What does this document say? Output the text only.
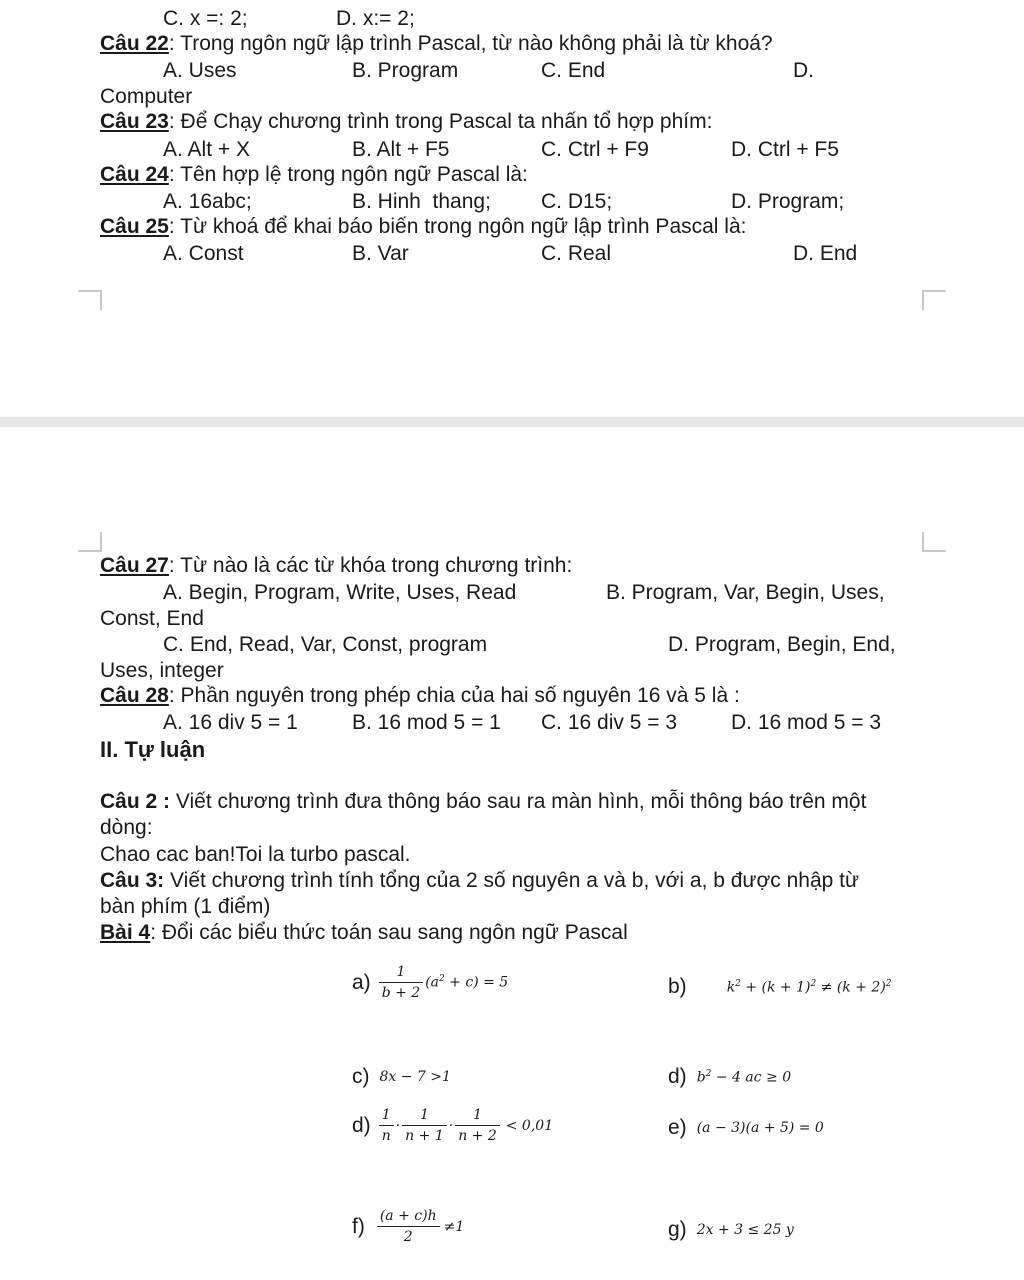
C. x =: 2;	D. x:= 2;
Câu 22: Trong ngôn ngữ lập trình Pascal, từ nào không phải là từ khoá?
A. Uses	B. Program	C. End	D.
Computer
Câu 23: Để Chạy chương trình trong Pascal ta nhấn tổ hợp phím:
A. Alt + X	B. Alt + F5	C. Ctrl + F9	D. Ctrl + F5
Câu 24: Tên hợp lệ trong ngôn ngữ Pascal là:
A. 16abc;	B. Hinh  thang; C. D15;	D. Program;
Câu 25: Từ khoá để khai báo biến trong ngôn ngữ lập trình Pascal là:
A. Const	B. Var	C. Real	D. End
Câu 27: Từ nào là các từ khóa trong chương trình:
A. Begin, Program, Write, Uses, Read	B. Program, Var, Begin, Uses,
Const, End
C. End, Read, Var, Const, program	D. Program, Begin, End,
Uses, integer
Câu 28: Phần nguyên trong phép chia của hai số nguyên 16 và 5 là :
A. 16 div 5 = 1	B. 16 mod 5 = 1 C. 16 div 5 = 3	D. 16 mod 5 = 3
II. Tự luận
Câu 2 : Viết chương trình đưa thông báo sau ra màn hình, mỗi thông báo trên một
dòng:
Chao cac ban!Toi la turbo pascal.
Câu 3: Viết chương trình tính tổng của 2 số nguyên a và b, với a, b được nhập từ
bàn phím (1 điểm)
Bài 4: Đổi các biểu thức toán sau sang ngôn ngữ Pascal
$a) \frac{1}{b + 2} (a^2 + c) = 5$	b)	$k^2 + (k + 1)^2 \ne (k + 2)^2$
c) 8x − 7 >1	d) $b^2 - 4$ ac ≥ 0
$d) \frac{1}{n} \cdot \frac{1}{n + 1} \cdot \frac{1}{n + 2} < 0,01$	e) (a − 3)(a + 5) = 0
$f) \frac{(a + c)h}{2} \ne 1$	g) 2x + 3 ≤ 25 y
